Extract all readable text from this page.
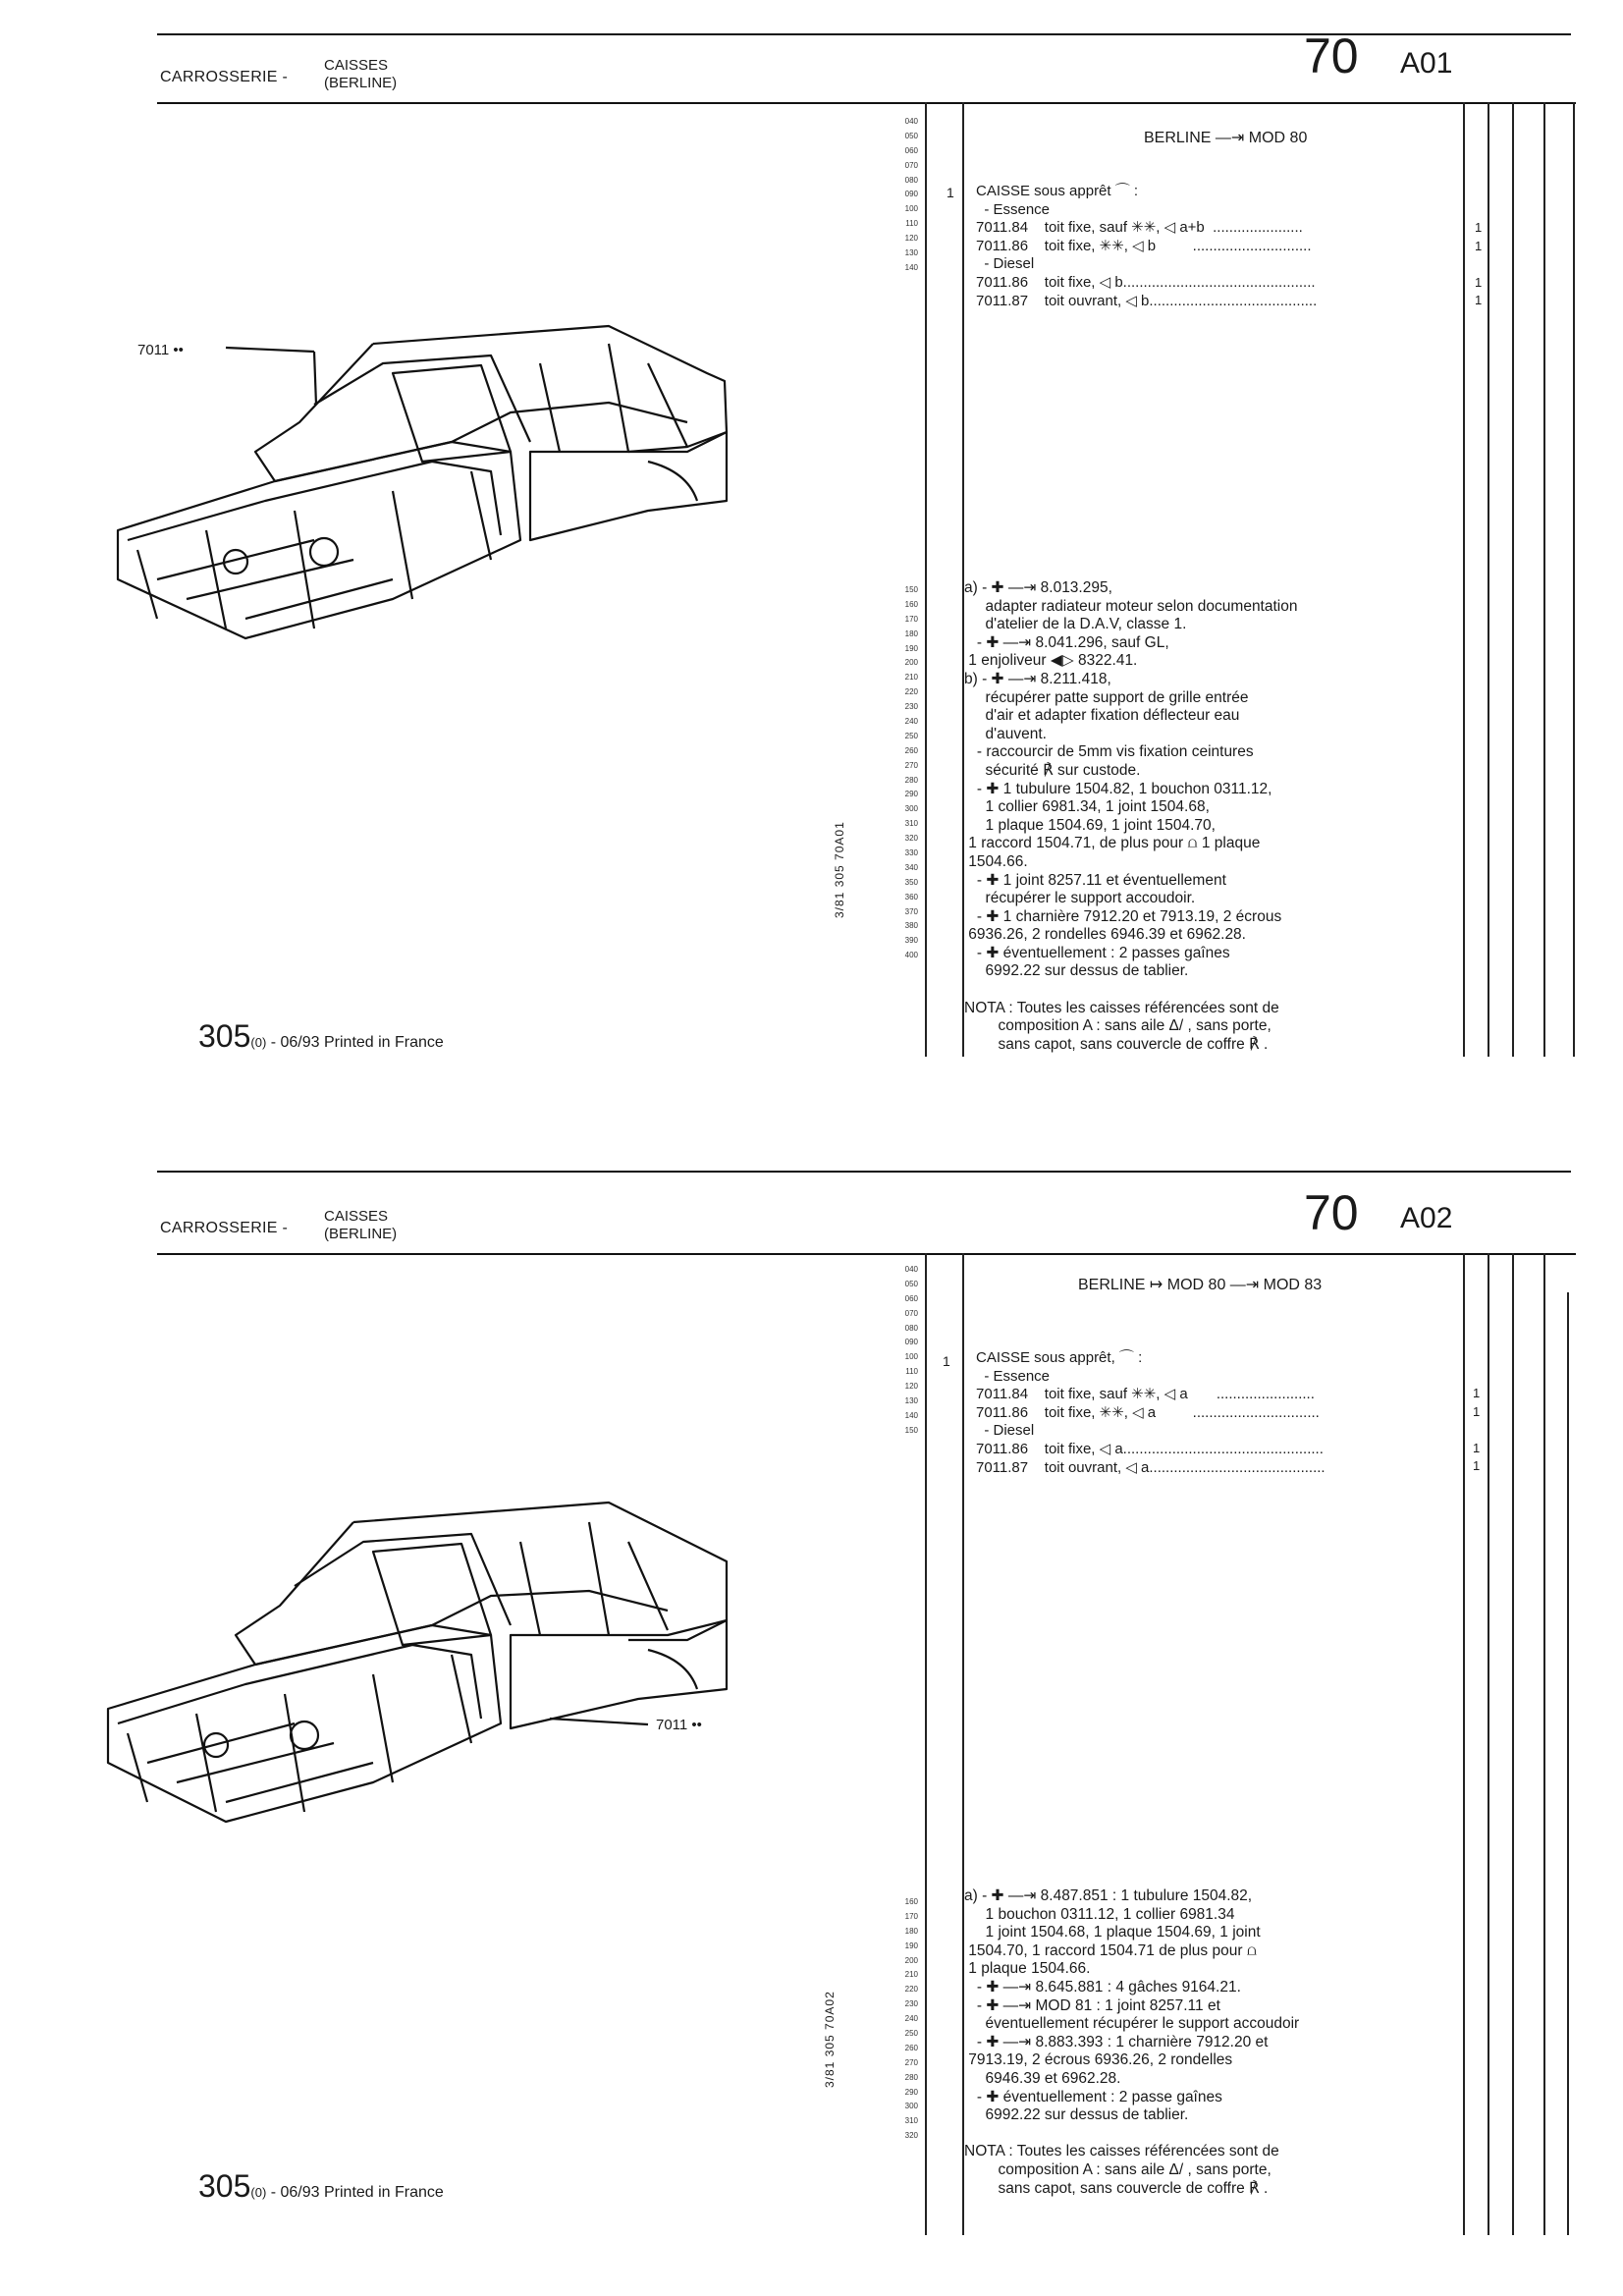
CARROSSERIE -
CAISSES
(BERLINE)	70 A01
040
050
060
070
080
090
100
110
120
130
140
150
160
170
180
190
200
210
220
230
240
250
260
270
280
290
300
310
320
330
340
350
360
370
380
390
400
BERLINE —⇥ MOD 80
1 CAISSE sous apprêt ⌒ :
- Essence
7011.84    toit fixe, sauf ✳✳, ◁ a+b  ......................
7011.86    toit fixe, ✳✳, ◁ b         .............................
- Diesel
7011.86    toit fixe, ◁ b...............................................
7011.87    toit ouvrant, ◁ b.........................................
1
1
1
1
a) - ✚ —⇥ 8.013.295,
adapter radiateur moteur selon documentation
d'atelier de la D.A.V, classe 1.
- ✚ —⇥ 8.041.296, sauf GL,
1 enjoliveur ◀▷ 8322.41.
b) - ✚ —⇥ 8.211.418,
récupérer patte support de grille entrée
d'air et adapter fixation déflecteur eau
d'auvent.
- raccourcir de 5mm vis fixation ceintures
sécurité ℟ sur custode.
- ✚ 1 tubulure 1504.82, 1 bouchon 0311.12,
1 collier 6981.34, 1 joint 1504.68,
1 plaque 1504.69, 1 joint 1504.70,
1 raccord 1504.71, de plus pour ⩍ 1 plaque
1504.66.
- ✚ 1 joint 8257.11 et éventuellement
récupérer le support accoudoir.
- ✚ 1 charnière 7912.20 et 7913.19, 2 écrous
6936.26, 2 rondelles 6946.39 et 6962.28.
- ✚ éventuellement : 2 passes gaînes
6992.22 sur dessus de tablier.

NOTA : Toutes les caisses référencées sont de
composition A : sans aile Δ/ , sans porte,
sans capot, sans couvercle de coffre ℟ .
3/81 305 70A01
7011 ••
305(0) - 06/93 Printed in France
CARROSSERIE -
CAISSES
(BERLINE)	70 A02
040
050
060
070
080
090
100
110
120
130
140
150
160
170
180
190
200
210
220
230
240
250
260
270
280
290
300
310
320
BERLINE ↦ MOD 80 —⇥ MOD 83
1 CAISSE sous apprêt, ⌒ :
- Essence
7011.84    toit fixe, sauf ✳✳, ◁ a       ........................
7011.86    toit fixe, ✳✳, ◁ a         ...............................
- Diesel
7011.86    toit fixe, ◁ a.................................................
7011.87    toit ouvrant, ◁ a...........................................
1
1
1
1
a) - ✚ —⇥ 8.487.851 : 1 tubulure 1504.82,
1 bouchon 0311.12, 1 collier 6981.34
1 joint 1504.68, 1 plaque 1504.69, 1 joint
1504.70, 1 raccord 1504.71 de plus pour ⩍
1 plaque 1504.66.
- ✚ —⇥ 8.645.881 : 4 gâches 9164.21.
- ✚ —⇥ MOD 81 : 1 joint 8257.11 et
éventuellement récupérer le support accoudoir
- ✚ —⇥ 8.883.393 : 1 charnière 7912.20 et
7913.19, 2 écrous 6936.26, 2 rondelles
6946.39 et 6962.28.
- ✚ éventuellement : 2 passe gaînes
6992.22 sur dessus de tablier.

NOTA : Toutes les caisses référencées sont de
composition A : sans aile Δ/ , sans porte,
sans capot, sans couvercle de coffre ℟ .
3/81 305 70A02
7011 ••
305(0) - 06/93 Printed in France
